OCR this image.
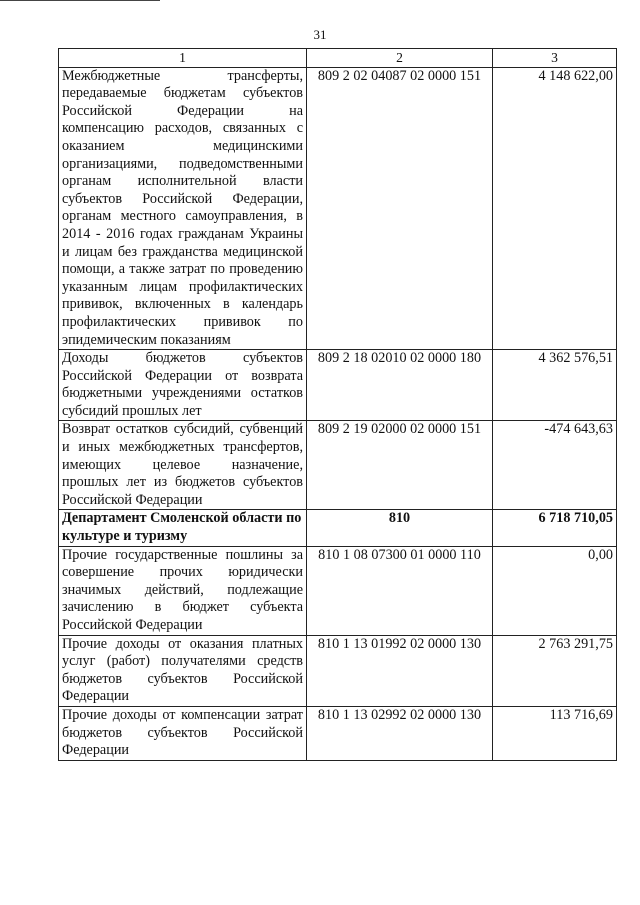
31
1	2	3
Межбюджетные трансферты, передаваемые бюджетам субъектов Российской Федерации на компенсацию расходов, связанных с оказанием медицинскими организациями, подведомственными органам исполнительной власти субъектов Российской Федерации, органам местного самоуправления, в 2014 - 2016 годах гражданам Украины и лицам без гражданства медицинской помощи, а также затрат по проведению указанным лицам профилактических прививок, включенных в календарь профилактических прививок по эпидемическим показаниям	809 2 02 04087 02 0000 151	4 148 622,00
Доходы бюджетов субъектов Российской Федерации от возврата бюджетными учреждениями остатков субсидий прошлых лет	809 2 18 02010 02 0000 180	4 362 576,51
Возврат остатков субсидий, субвенций и иных межбюджетных трансфертов, имеющих целевое назначение, прошлых лет из бюджетов субъектов Российской Федерации	809 2 19 02000 02 0000 151	-474 643,63
Департамент Смоленской области по культуре и туризму	810	6 718 710,05
Прочие государственные пошлины за совершение прочих юридически значимых действий, подлежащие зачислению в бюджет субъекта Российской Федерации	810 1 08 07300 01 0000 110	0,00
Прочие доходы от оказания платных услуг (работ) получателями средств бюджетов субъектов Российской Федерации	810 1 13 01992 02 0000 130	2 763 291,75
Прочие доходы от компенсации затрат бюджетов субъектов Российской Федерации	810 1 13 02992 02 0000 130	113 716,69
